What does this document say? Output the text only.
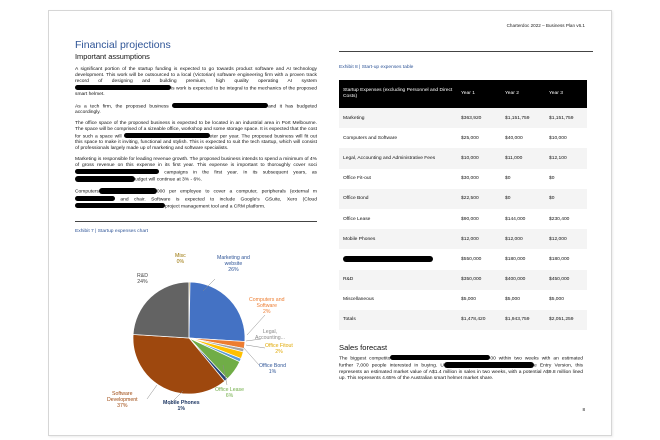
Charterdoc 2022 – Business Plan v6.1
Financial projections
Important assumptions

A significant portion of the startup funding is expected to go towards product software and AI technology development. This work will be outsourced to a local (Victorian) software engineering firm with a proven track record of designing and building premium, high quality operating AI systemis work is expected to be integral to the mechanics of the proposed smart helmet.

As a tech firm, the proposed business	and it has budgeted accordingly.

The office space of the proposed business is expected to be located in an industrial area in Port Melbourne. The space will be comprised of a sizeable office, workshop and some storage space. It is expected that the cost for such a space will	eter per year. The proposed business will fit out this space to make it inviting, functional and stylish. This is expected to suit the tech startup, which will consist of professionals largely made up of marketing and software specialists.

Marketing is responsible for leading revenue growth. The proposed business intends to spend a minimum of 4% of gross revenue on this expense in its first year. This expense is important to thoroughly cover soci campaigns in the first year. In its subsequent years, as udget will continue at 3% - 6%.

Computers	000 per employee to cover a computer, peripherals (external m and chair. Software is expected to include Google's GSuite, Xero (Cloud project management tool and a CRM platform.

Exhibit 7 | Startup expenses chart
Misc
0%
R&D
24%
Marketing and
website
26%
Computers and
Software
2%
Legal,
Accounting...
Office Fitout
2%
Office Bond
1%
Office Lease
6%
Mobile Phones
1%
Software
Development
37%
Exhibit 8 | Start-up expenses table
Startup Expenses (excluding Personnel and Direct Costs)	Year 1	Year 2	Year 3
Marketing	$363,920	$1,151,759	$1,151,759
Computers and Software	$25,000	$40,000	$10,000
Legal, Accounting and Administrative Fees	$10,000	$11,000	$12,100
Office Fit-out	$30,000	$0	$0
Office Bond	$22,500	$0	$0
Office Lease	$90,000	$144,000	$230,400
Mobile Phones	$12,000	$12,000	$12,000
	$550,000	$180,000	$180,000
R&D	$350,000	$400,000	$450,000
Miscellaneous	$5,000	$5,000	$5,000
Totals	$1,478,420	$1,943,759	$2,051,259
Sales forecast

The biggest competito	00 within two weeks with an estimated further 7,000 people interested in buying. U	e Entry Version, this represents an estimated market value of A$1.4 million in sales in two weeks, with a potential A$9.8 million lined up. This represents 4.65% of the Australian smart helmet market share.

8
